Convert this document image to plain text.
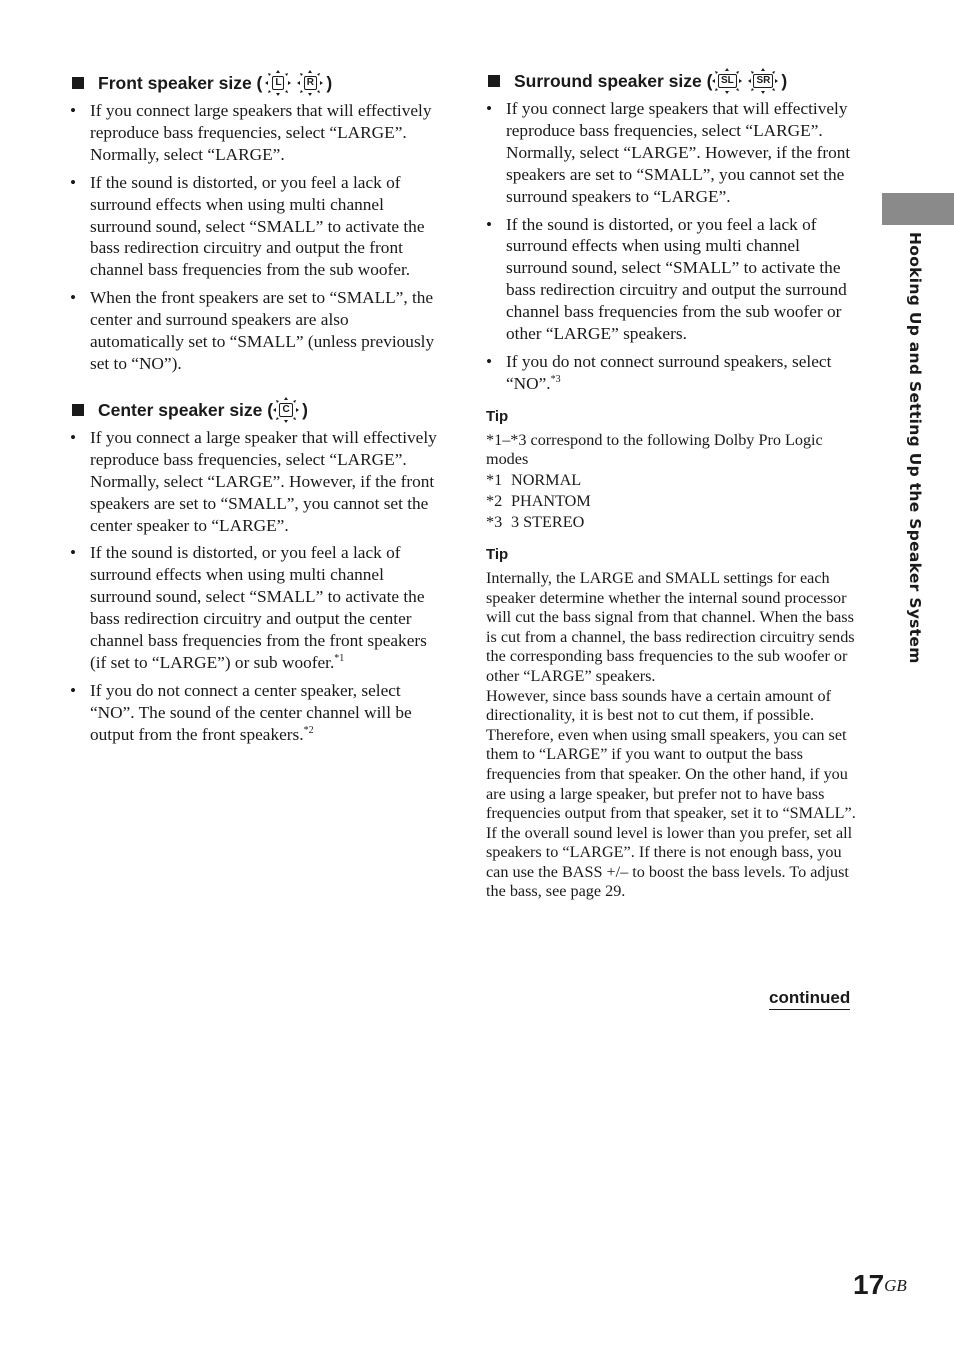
Front speaker size (	L	R )
• If you connect large speakers that will effectively reproduce bass frequencies, select “LARGE”. Normally, select “LARGE”.
• If the sound is distorted, or you feel a lack of surround effects when using multi channel surround sound, select “SMALL” to activate the bass redirection circuitry and output the front channel bass frequencies from the sub woofer.
• When the front speakers are set to “SMALL”, the center and surround speakers are also automatically set to “SMALL” (unless previously set to “NO”).
Center speaker size ( C )
• If you connect a large speaker that will effectively reproduce bass frequencies, select “LARGE”. Normally, select “LARGE”. However, if the front speakers are set to “SMALL”, you cannot set the center speaker to “LARGE”.
• If the sound is distorted, or you feel a lack of surround effects when using multi channel surround sound, select “SMALL” to activate the bass redirection circuitry and output the center channel bass frequencies from the front speakers (if set to “LARGE”) or sub woofer.$^{*1}$
• If you do not connect a center speaker, select “NO”. The sound of the center channel will be output from the front speakers.$^{*2}$
Surround speaker size ( SL	SR )
• If you connect large speakers that will effectively reproduce bass frequencies, select “LARGE”. Normally, select “LARGE”. However, if the front speakers are set to “SMALL”, you cannot set the surround speakers to “LARGE”.
• If the sound is distorted, or you feel a lack of surround effects when using multi channel surround sound, select “SMALL” to activate the bass redirection circuitry and output the surround channel bass frequencies from the sub woofer or other “LARGE” speakers.
• If you do not connect surround speakers, select “NO”.$^{*3}$
Tip

*1–*3 correspond to the following Dolby Pro Logic modes

*1 NORMAL
*2 PHANTOM
*3 3 STEREO
Tip

Internally, the LARGE and SMALL settings for each speaker determine whether the internal sound processor will cut the bass signal from that channel. When the bass is cut from a channel, the bass redirection circuitry sends the corresponding bass frequencies to the sub woofer or other “LARGE” speakers.

However, since bass sounds have a certain amount of directionality, it is best not to cut them, if possible. Therefore, even when using small speakers, you can set them to “LARGE” if you want to output the bass frequencies from that speaker. On the other hand, if you are using a large speaker, but prefer not to have bass frequencies output from that speaker, set it to “SMALL”.

If the overall sound level is lower than you prefer, set all speakers to “LARGE”. If there is not enough bass, you can use the BASS +/– to boost the bass levels. To adjust the bass, see page 29.

continued
Hooking Up and Setting Up the Speaker System
$17^{GB}$
